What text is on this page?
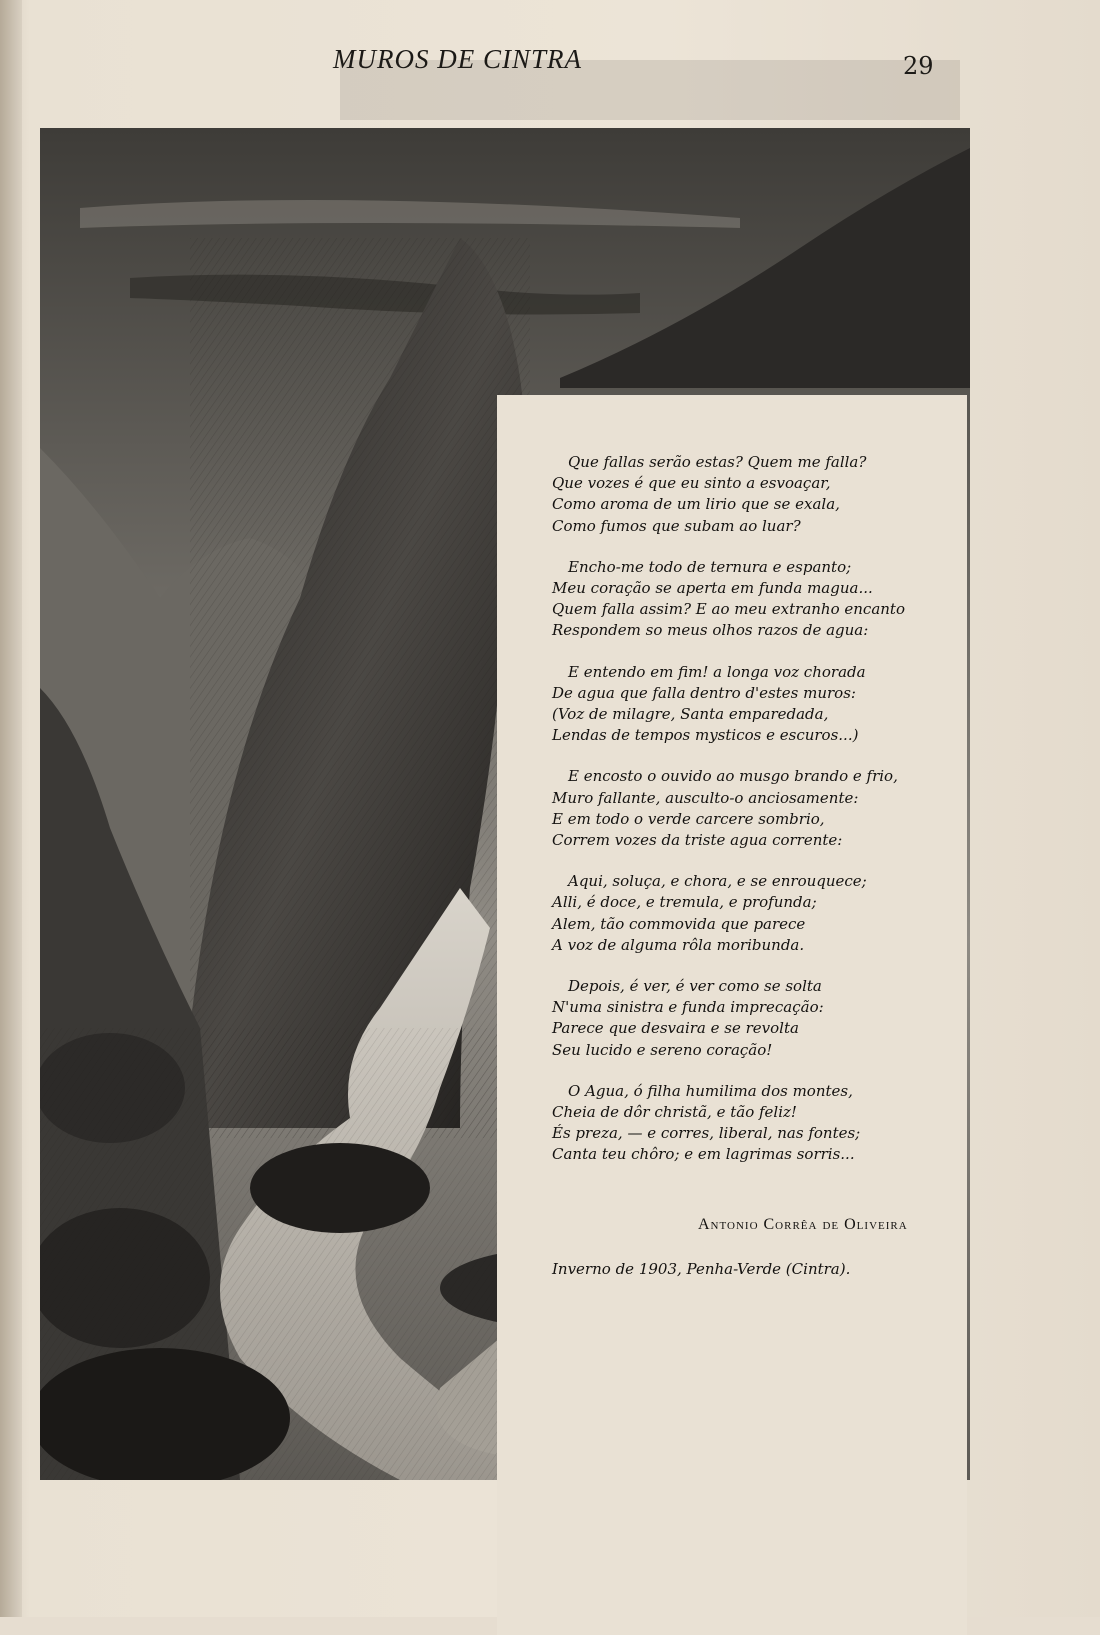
MUROS DE CINTRA	29
Que fallas serão estas? Quem me falla?
Que vozes é que eu sinto a esvoaçar,
Como aroma de um lirio que se exala,
Como fumos que subam ao luar?
Encho-me todo de ternura e espanto;
Meu coração se aperta em funda magua...
Quem falla assim? E ao meu extranho encanto
Respondem so meus olhos razos de agua:
E entendo em fim! a longa voz chorada
De agua que falla dentro d'estes muros:
(Voz de milagre, Santa emparedada,
Lendas de tempos mysticos e escuros...)
E encosto o ouvido ao musgo brando e frio,
Muro fallante, ausculto-o anciosamente:
E em todo o verde carcere sombrio,
Correm vozes da triste agua corrente:
Aqui, soluça, e chora, e se enrouquece;
Alli, é doce, e tremula, e profunda;
Alem, tão commovida que parece
A voz de alguma rôla moribunda.
Depois, é ver, é ver como se solta
N'uma sinistra e funda imprecação:
Parece que desvaira e se revolta
Seu lucido e sereno coração!
O Agua, ó filha humilima dos montes,
Cheia de dôr christã, e tão feliz!
És preza, — e corres, liberal, nas fontes;
Canta teu chôro; e em lagrimas sorris...
Antonio Corrêa de Oliveira
Inverno de 1903, Penha-Verde (Cintra).
